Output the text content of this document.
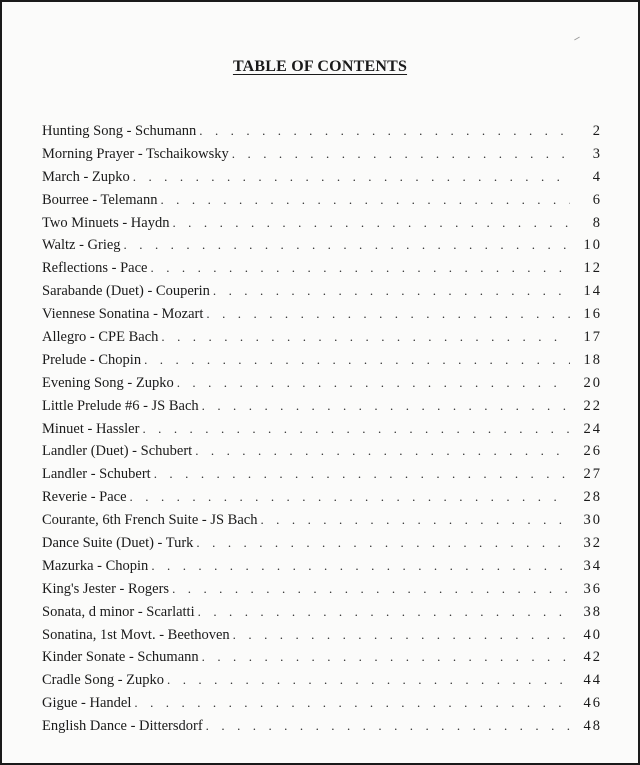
TABLE OF CONTENTS
Hunting Song - Schumann . . .	2
Morning Prayer - Tschaikowsky . . .	3
March - Zupko . . .	4
Bourree - Telemann . . .	6
Two Minuets - Haydn . . .	8
Waltz - Grieg . . .	10
Reflections - Pace . . .	12
Sarabande (Duet) - Couperin . . .	14
Viennese Sonatina - Mozart . . .	16
Allegro - CPE Bach . . .	17
Prelude - Chopin . . .	18
Evening Song - Zupko . . .	20
Little Prelude #6 - JS Bach . . .	22
Minuet - Hassler . . .	24
Landler (Duet) - Schubert . . .	26
Landler - Schubert . . .	27
Reverie - Pace . . .	28
Courante, 6th French Suite - JS Bach . . .	30
Dance Suite (Duet) - Turk . . .	32
Mazurka - Chopin . . .	34
King's Jester - Rogers . . .	36
Sonata, d minor - Scarlatti . . .	38
Sonatina, 1st Movt. - Beethoven . . .	40
Kinder Sonate - Schumann . . .	42
Cradle Song - Zupko . . .	44
Gigue - Handel . . .	46
English Dance - Dittersdorf . . .	48
